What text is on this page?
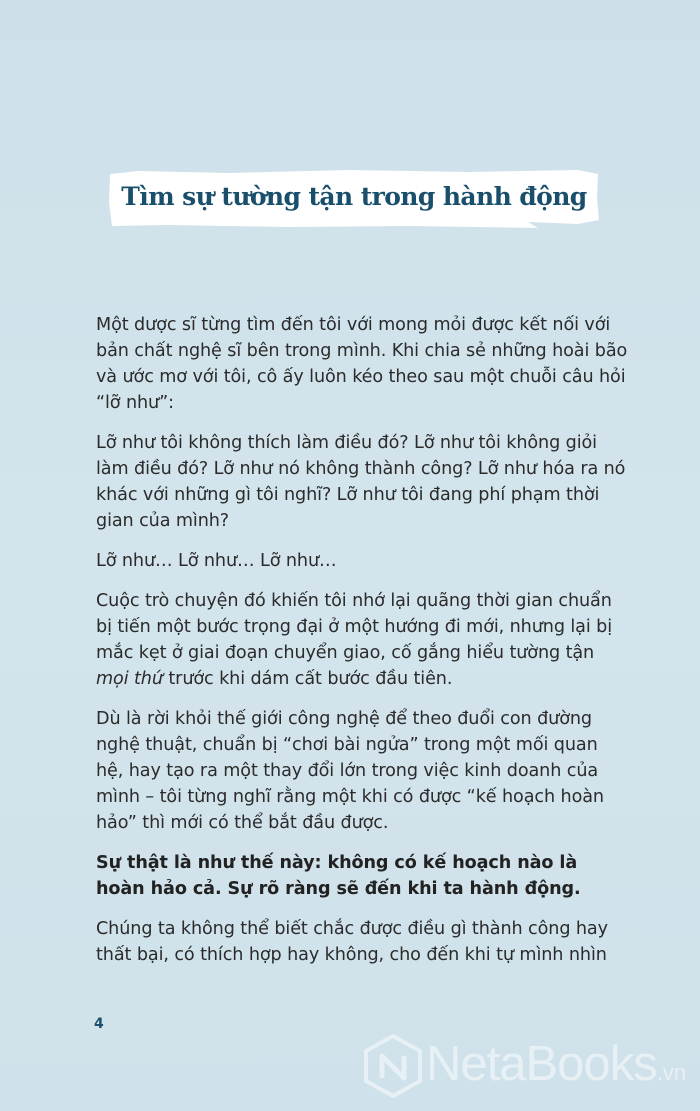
Tìm sự tường tận trong hành động

Một dược sĩ từng tìm đến tôi với mong mỏi được kết nối với bản chất nghệ sĩ bên trong mình. Khi chia sẻ những hoài bão và ước mơ với tôi, cô ấy luôn kéo theo sau một chuỗi câu hỏi “lỡ như”:

Lỡ như tôi không thích làm điều đó? Lỡ như tôi không giỏi làm điều đó? Lỡ như nó không thành công? Lỡ như hóa ra nó khác với những gì tôi nghĩ? Lỡ như tôi đang phí phạm thời gian của mình?

Lỡ như… Lỡ như… Lỡ như…

Cuộc trò chuyện đó khiến tôi nhớ lại quãng thời gian chuẩn bị tiến một bước trọng đại ở một hướng đi mới, nhưng lại bị mắc kẹt ở giai đoạn chuyển giao, cố gắng hiểu tường tận mọi thứ trước khi dám cất bước đầu tiên.

Dù là rời khỏi thế giới công nghệ để theo đuổi con đường nghệ thuật, chuẩn bị “chơi bài ngửa” trong một mối quan hệ, hay tạo ra một thay đổi lớn trong việc kinh doanh của mình – tôi từng nghĩ rằng một khi có được “kế hoạch hoàn hảo” thì mới có thể bắt đầu được.

Sự thật là như thế này: không có kế hoạch nào là hoàn hảo cả. Sự rõ ràng sẽ đến khi ta hành động.

Chúng ta không thể biết chắc được điều gì thành công hay thất bại, có thích hợp hay không, cho đến khi tự mình nhìn

4
NetaBooks.vn
